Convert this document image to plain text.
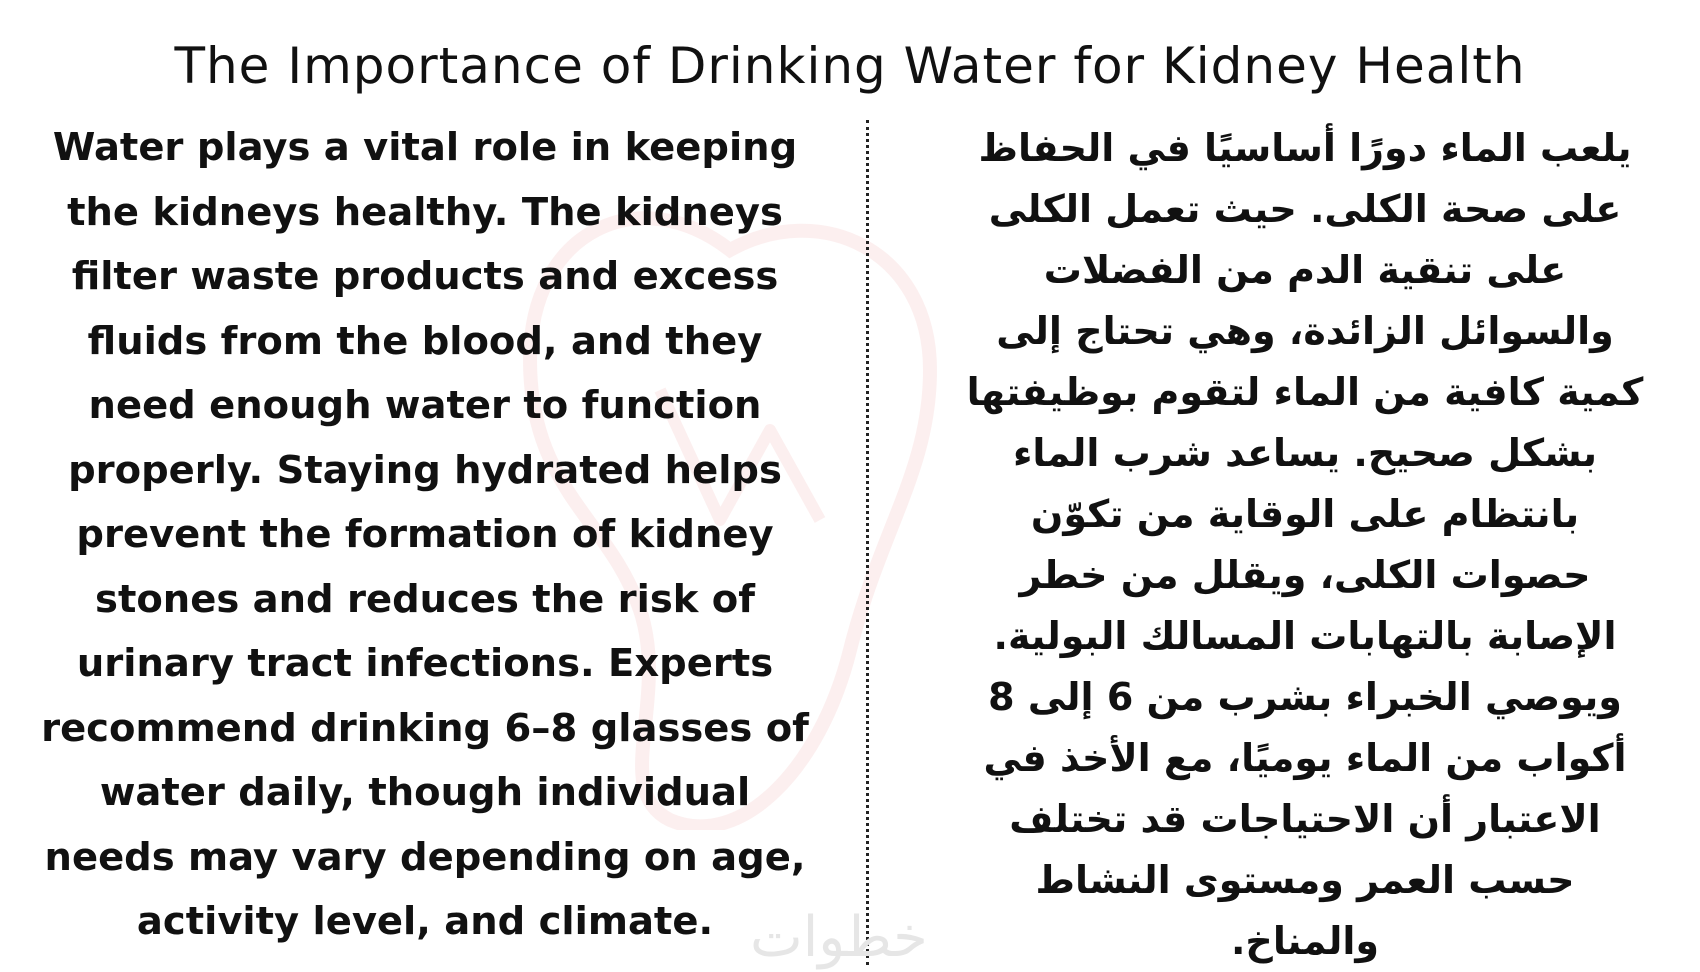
The Importance of Drinking Water for Kidney Health

Water plays a vital role in keeping the kidneys healthy. The kidneys filter waste products and excess fluids from the blood, and they need enough water to function properly. Staying hydrated helps prevent the formation of kidney stones and reduces the risk of urinary tract infections. Experts recommend drinking 6–8 glasses of water daily, though individual needs may vary depending on age, activity level, and climate.

يلعب الماء دورًا أساسيًا في الحفاظ على صحة الكلى. حيث تعمل الكلى على تنقية الدم من الفضلات والسوائل الزائدة، وهي تحتاج إلى كمية كافية من الماء لتقوم بوظيفتها بشكل صحيح. يساعد شرب الماء بانتظام على الوقاية من تكوّن حصوات الكلى، ويقلل من خطر الإصابة بالتهابات المسالك البولية. ويوصي الخبراء بشرب من 6 إلى 8 أكواب من الماء يوميًا، مع الأخذ في الاعتبار أن الاحتياجات قد تختلف حسب العمر ومستوى النشاط والمناخ.

خطوات
